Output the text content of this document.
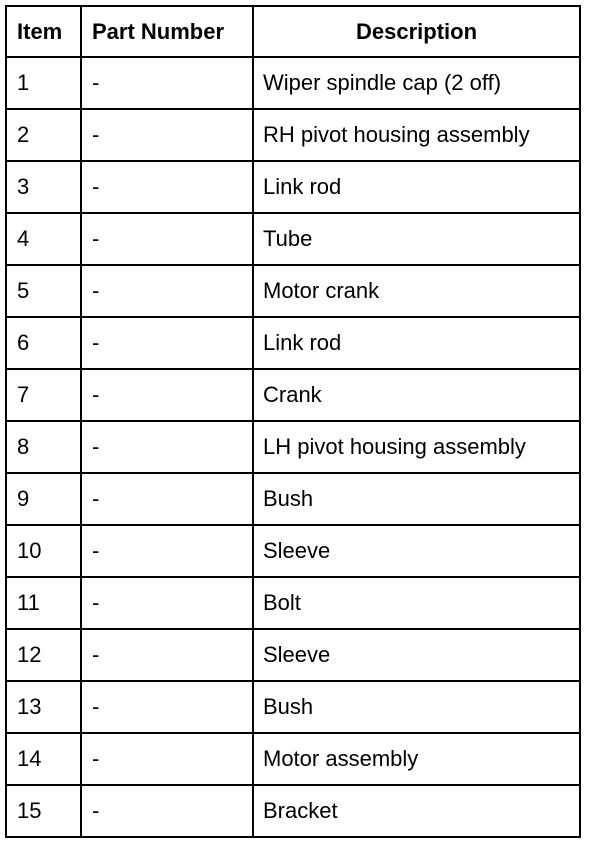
Item	Part Number	Description
1	-	Wiper spindle cap (2 off)
2	-	RH pivot housing assembly
3	-	Link rod
4	-	Tube
5	-	Motor crank
6	-	Link rod
7	-	Crank
8	-	LH pivot housing assembly
9	-	Bush
10	-	Sleeve
11	-	Bolt
12	-	Sleeve
13	-	Bush
14	-	Motor assembly
15	-	Bracket
